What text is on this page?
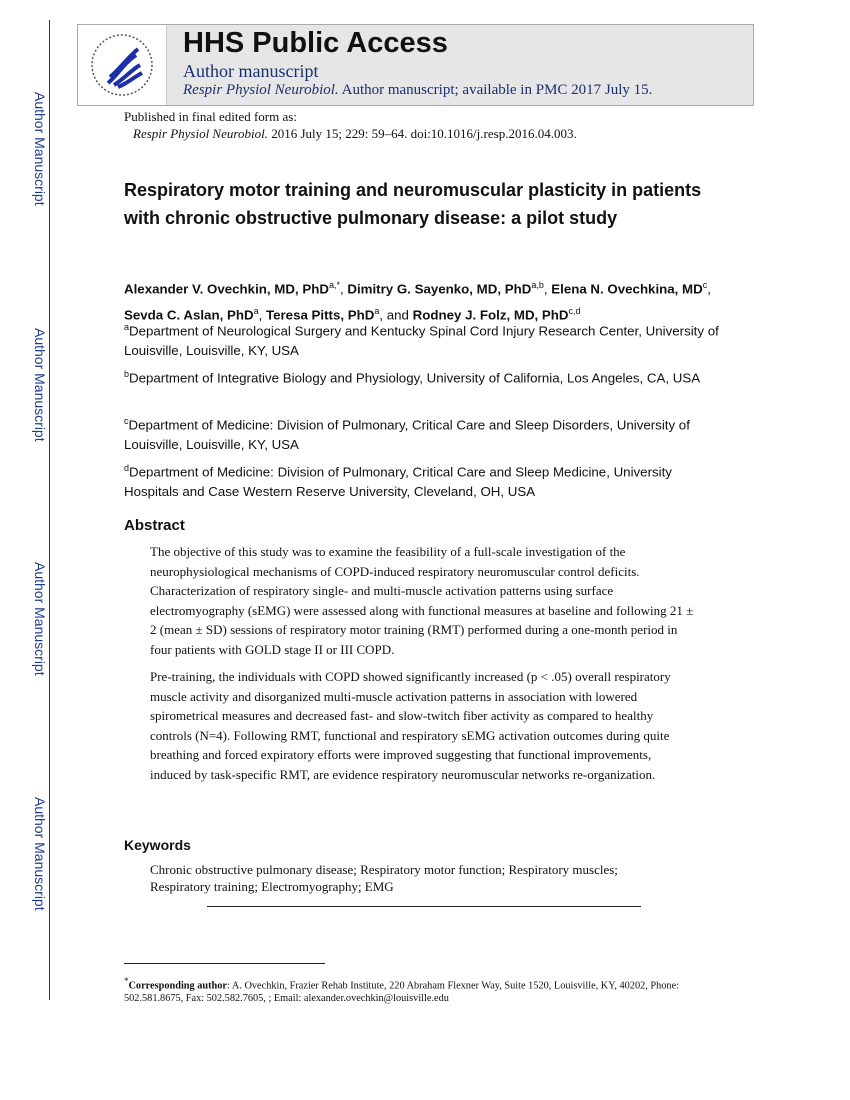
Author Manuscript
Author Manuscript
Author Manuscript
Author Manuscript
HHS Public Access
Author manuscript
Respir Physiol Neurobiol. Author manuscript; available in PMC 2017 July 15.
Published in final edited form as:
Respir Physiol Neurobiol. 2016 July 15; 229: 59–64. doi:10.1016/j.resp.2016.04.003.
Respiratory motor training and neuromuscular plasticity in patients with chronic obstructive pulmonary disease: a pilot study
Alexander V. Ovechkin, MD, PhD$^{a,*}$, Dimitry G. Sayenko, MD, PhD$^{a,b}$, Elena N. Ovechkina, $MD^c$, Sevda C. Aslan, PhD$^a$, Teresa Pitts, PhD$^a$, and Rodney J. Folz, MD, PhD$^{c,d}$
$^a$Department of Neurological Surgery and Kentucky Spinal Cord Injury Research Center, University of Louisville, Louisville, KY, USA
$^b$Department of Integrative Biology and Physiology, University of California, Los Angeles, CA, USA
$^c$Department of Medicine: Division of Pulmonary, Critical Care and Sleep Disorders, University of Louisville, Louisville, KY, USA
$^d$Department of Medicine: Division of Pulmonary, Critical Care and Sleep Medicine, University Hospitals and Case Western Reserve University, Cleveland, OH, USA
Abstract
The objective of this study was to examine the feasibility of a full-scale investigation of the neurophysiological mechanisms of COPD-induced respiratory neuromuscular control deficits. Characterization of respiratory single- and multi-muscle activation patterns using surface electromyography (sEMG) were assessed along with functional measures at baseline and following 21 ± 2 (mean ± SD) sessions of respiratory motor training (RMT) performed during a one-month period in four patients with GOLD stage II or III COPD.
Pre-training, the individuals with COPD showed significantly increased (p < .05) overall respiratory muscle activity and disorganized multi-muscle activation patterns in association with lowered spirometrical measures and decreased fast- and slow-twitch fiber activity as compared to healthy controls (N=4). Following RMT, functional and respiratory sEMG activation outcomes during quite breathing and forced expiratory efforts were improved suggesting that functional improvements, induced by task-specific RMT, are evidence respiratory neuromuscular networks re-organization.
Keywords
Chronic obstructive pulmonary disease; Respiratory motor function; Respiratory muscles; Respiratory training; Electromyography; EMG
*Corresponding author: A. Ovechkin, Frazier Rehab Institute, 220 Abraham Flexner Way, Suite 1520, Louisville, KY, 40202, Phone: 502.581.8675, Fax: 502.582.7605, ; Email: alexander.ovechkin@louisville.edu
